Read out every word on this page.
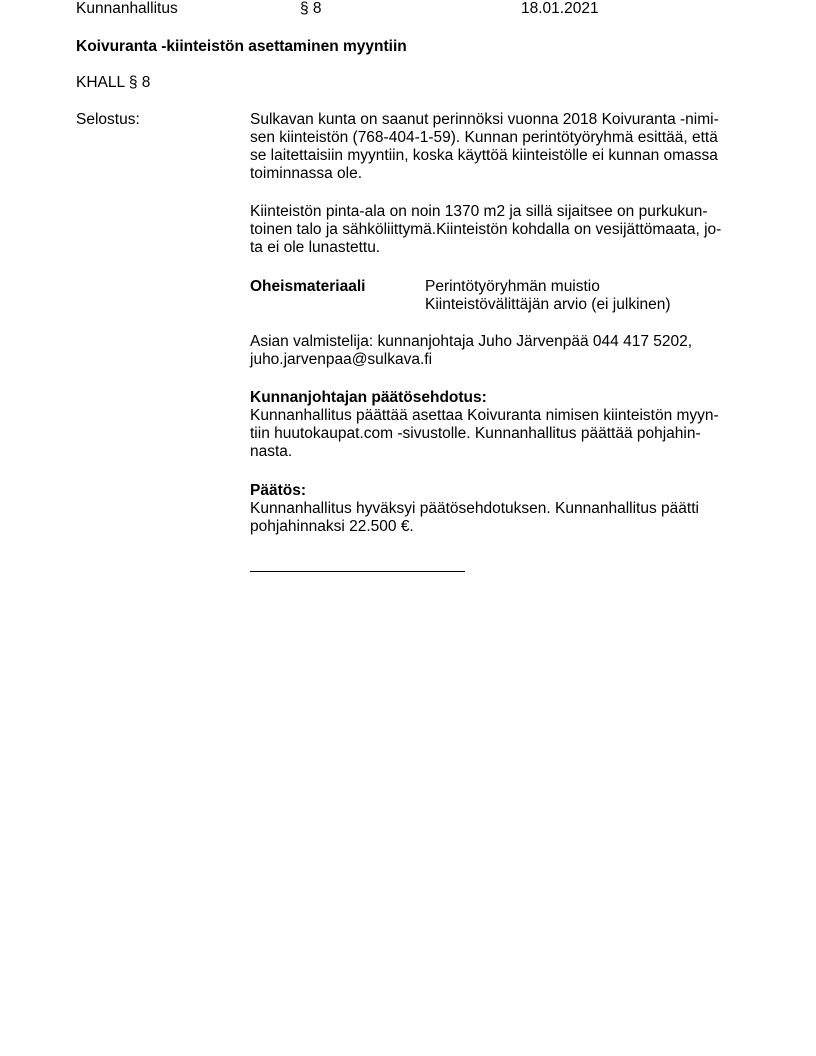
Kunnanhallitus	§ 8	18.01.2021
Koivuranta -kiinteistön asettaminen myyntiin
KHALL § 8
Selostus:	Sulkavan kunta on saanut perinnöksi vuonna 2018 Koivuranta -nimi-
sen kiinteistön (768-404-1-59). Kunnan perintötyöryhmä esittää, että
se laitettaisiin myyntiin, koska käyttöä kiinteistölle ei kunnan omassa
toiminnassa ole.
Kiinteistön pinta-ala on noin 1370 m2 ja sillä sijaitsee on purkukun-
toinen talo ja sähköliittymä.Kiinteistön kohdalla on vesijättömaata, jo-
ta ei ole lunastettu.
Oheismateriaali	Perintötyöryhmän muistio
Kiinteistövälittäjän arvio (ei julkinen)
Asian valmistelija: kunnanjohtaja Juho Järvenpää 044 417 5202,
juho.jarvenpaa@sulkava.fi
Kunnanjohtajan päätösehdotus:
Kunnanhallitus päättää asettaa Koivuranta nimisen kiinteistön myyn-
tiin huutokaupat.com -sivustolle. Kunnanhallitus päättää pohjahin-
nasta.
Päätös:
Kunnanhallitus hyväksyi päätösehdotuksen. Kunnanhallitus päätti
pohjahinnaksi 22.500 €.
